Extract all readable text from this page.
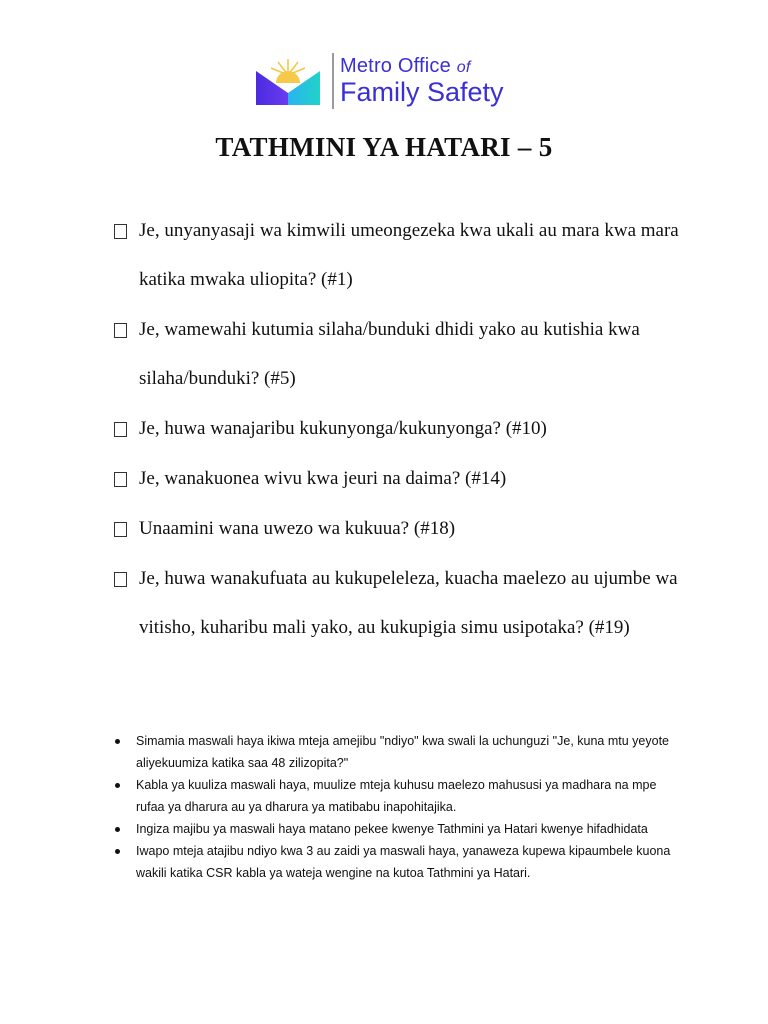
Metro Office of
Family Safety
TATHMINI YA HATARI – 5
Je, unyanyasaji wa kimwili umeongezeka kwa ukali au mara kwa mara katika mwaka uliopita? (#1)
Je, wamewahi kutumia silaha/bunduki dhidi yako au kutishia kwa silaha/bunduki? (#5)
Je, huwa wanajaribu kukunyonga/kukunyonga? (#10)
Je, wanakuonea wivu kwa jeuri na daima? (#14)
Unaamini wana uwezo wa kukuua? (#18)
Je, huwa wanakufuata au kukupeleleza, kuacha maelezo au ujumbe wa vitisho, kuharibu mali yako, au kukupigia simu usipotaka? (#19)
Simamia maswali haya ikiwa mteja amejibu "ndiyo" kwa swali la uchunguzi "Je, kuna mtu yeyote aliyekuumiza katika saa 48 zilizopita?"
Kabla ya kuuliza maswali haya, muulize mteja kuhusu maelezo mahususi ya madhara na mpe rufaa ya dharura au ya dharura ya matibabu inapohitajika.
Ingiza majibu ya maswali haya matano pekee kwenye Tathmini ya Hatari kwenye hifadhidata
Iwapo mteja atajibu ndiyo kwa 3 au zaidi ya maswali haya, yanaweza kupewa kipaumbele kuona wakili katika CSR kabla ya wateja wengine na kutoa Tathmini ya Hatari.
